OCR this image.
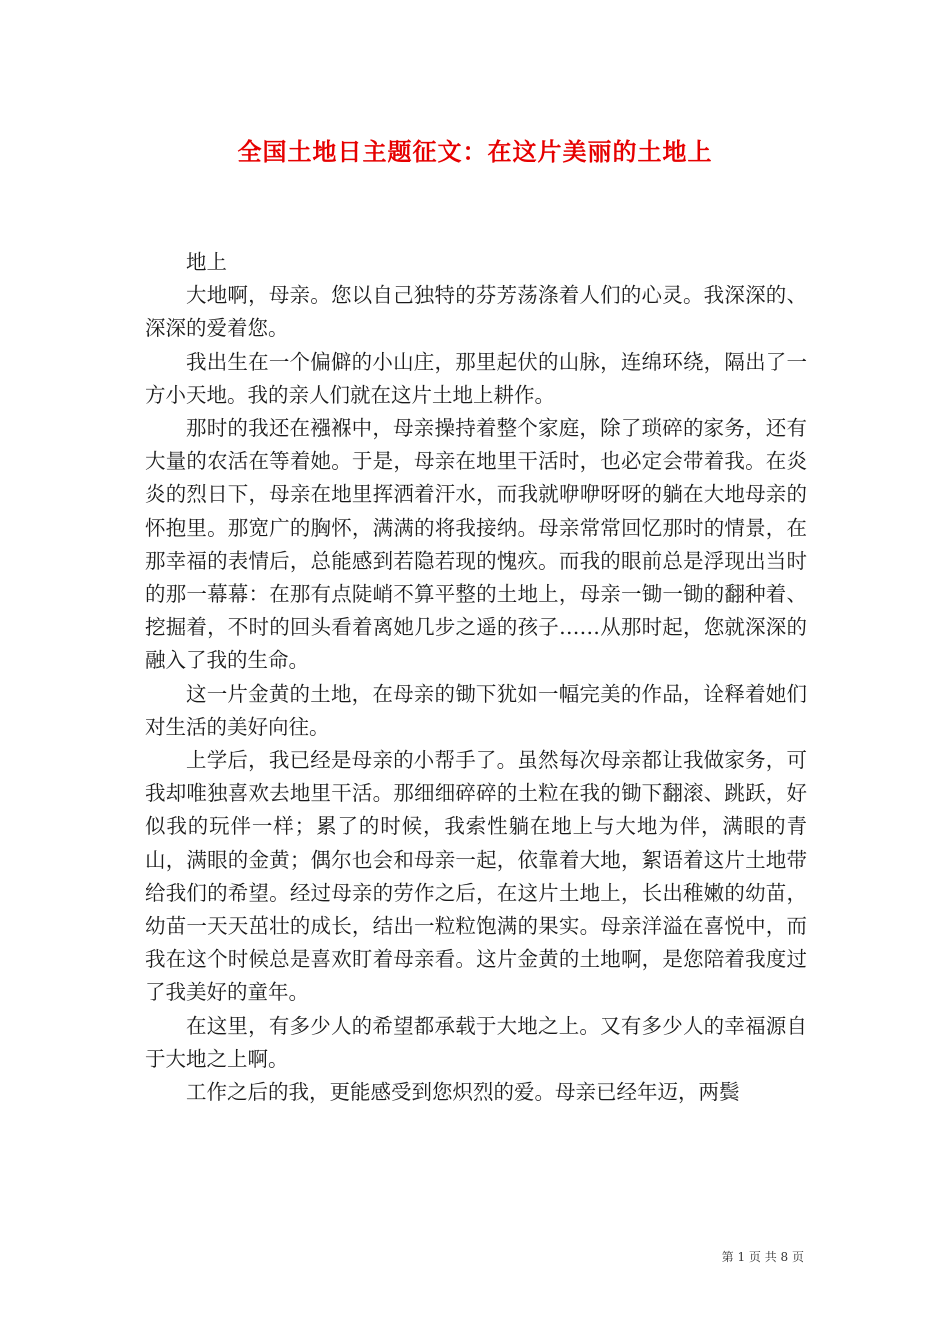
全国土地日主题征文：在这片美丽的土地上

地上

大地啊，母亲。您以自己独特的芬芳荡涤着人们的心灵。我深深的、深深的爱着您。

我出生在一个偏僻的小山庄，那里起伏的山脉，连绵环绕，隔出了一方小天地。我的亲人们就在这片土地上耕作。

那时的我还在襁褓中，母亲操持着整个家庭，除了琐碎的家务，还有大量的农活在等着她。于是，母亲在地里干活时，也必定会带着我。在炎炎的烈日下，母亲在地里挥洒着汗水，而我就咿咿呀呀的躺在大地母亲的怀抱里。那宽广的胸怀，满满的将我接纳。母亲常常回忆那时的情景，在那幸福的表情后，总能感到若隐若现的愧疚。而我的眼前总是浮现出当时的那一幕幕：在那有点陡峭不算平整的土地上，母亲一锄一锄的翻种着、挖掘着，不时的回头看着离她几步之遥的孩子……从那时起，您就深深的融入了我的生命。

这一片金黄的土地，在母亲的锄下犹如一幅完美的作品，诠释着她们对生活的美好向往。

上学后，我已经是母亲的小帮手了。虽然每次母亲都让我做家务，可我却唯独喜欢去地里干活。那细细碎碎的土粒在我的锄下翻滚、跳跃，好似我的玩伴一样；累了的时候，我索性躺在地上与大地为伴，满眼的青山，满眼的金黄；偶尔也会和母亲一起，依靠着大地，絮语着这片土地带给我们的希望。经过母亲的劳作之后，在这片土地上，长出稚嫩的幼苗，幼苗一天天茁壮的成长，结出一粒粒饱满的果实。母亲洋溢在喜悦中，而我在这个时候总是喜欢盯着母亲看。这片金黄的土地啊，是您陪着我度过了我美好的童年。

在这里，有多少人的希望都承载于大地之上。又有多少人的幸福源自于大地之上啊。

工作之后的我，更能感受到您炽烈的爱。母亲已经年迈，两鬓

第 1 页 共 8 页
